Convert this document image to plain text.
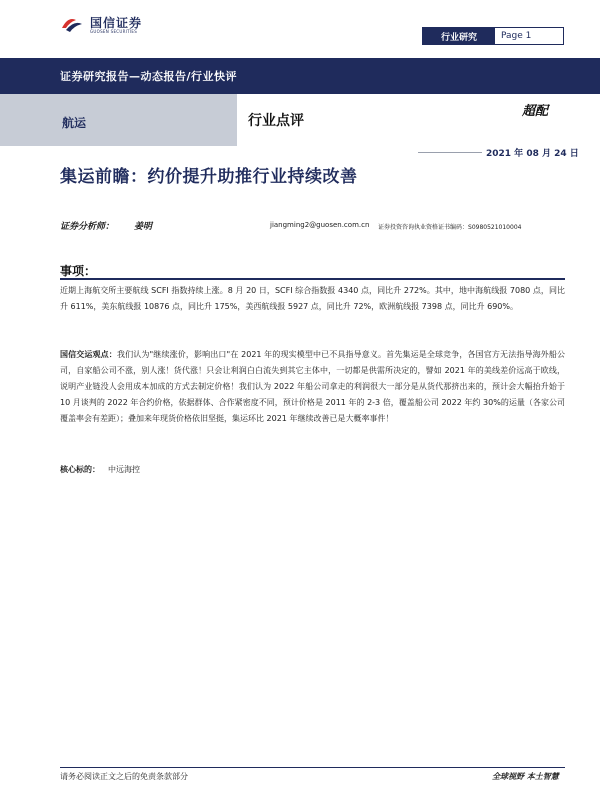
国信证券
GUOSEN SECURITIES
行业研究	Page 1
证券研究报告—动态报告/行业快评
航运	行业点评
超配
2021 年 08 月 24 日
集运前瞻：约价提升助推行业持续改善
证券分析师： 姜明	jiangming2@guosen.com.cn 证券投资咨询执业资格证书编码：S0980521010004
事项：
近期上海航交所主要航线 SCFI 指数持续上涨。8 月 20 日，SCFI 综合指数报 4340 点，同比升 272%。其中，地中海航线报 7080 点，同比升 611%，美东航线报 10876 点，同比升 175%，美西航线报 5927 点，同比升 72%，欧洲航线报 7398 点，同比升 690%。
国信交运观点：我们认为"继续涨价，影响出口"在 2021 年的现实模型中已不具指导意义。首先集运是全球竞争，各国官方无法指导海外船公司，自家船公司不涨，别人涨！货代涨！只会让利润白白流失到其它主体中，一切都是供需所决定的，譬如 2021 年的美线差价远高于欧线，说明产业链没人会用成本加成的方式去制定价格！我们认为 2022 年船公司拿走的利润很大一部分是从货代那挤出来的，预计会大幅抬升始于 10 月谈判的 2022 年合约价格，依据群体、合作紧密度不同，预计价格是 2011 年的 2-3 倍，覆盖船公司 2022 年约 30%的运量（各家公司覆盖率会有差距）；叠加来年现货价格依旧坚挺，集运环比 2021 年继续改善已是大概率事件！
核心标的： 中远海控
请务必阅读正文之后的免责条款部分	全球视野 本土智慧
